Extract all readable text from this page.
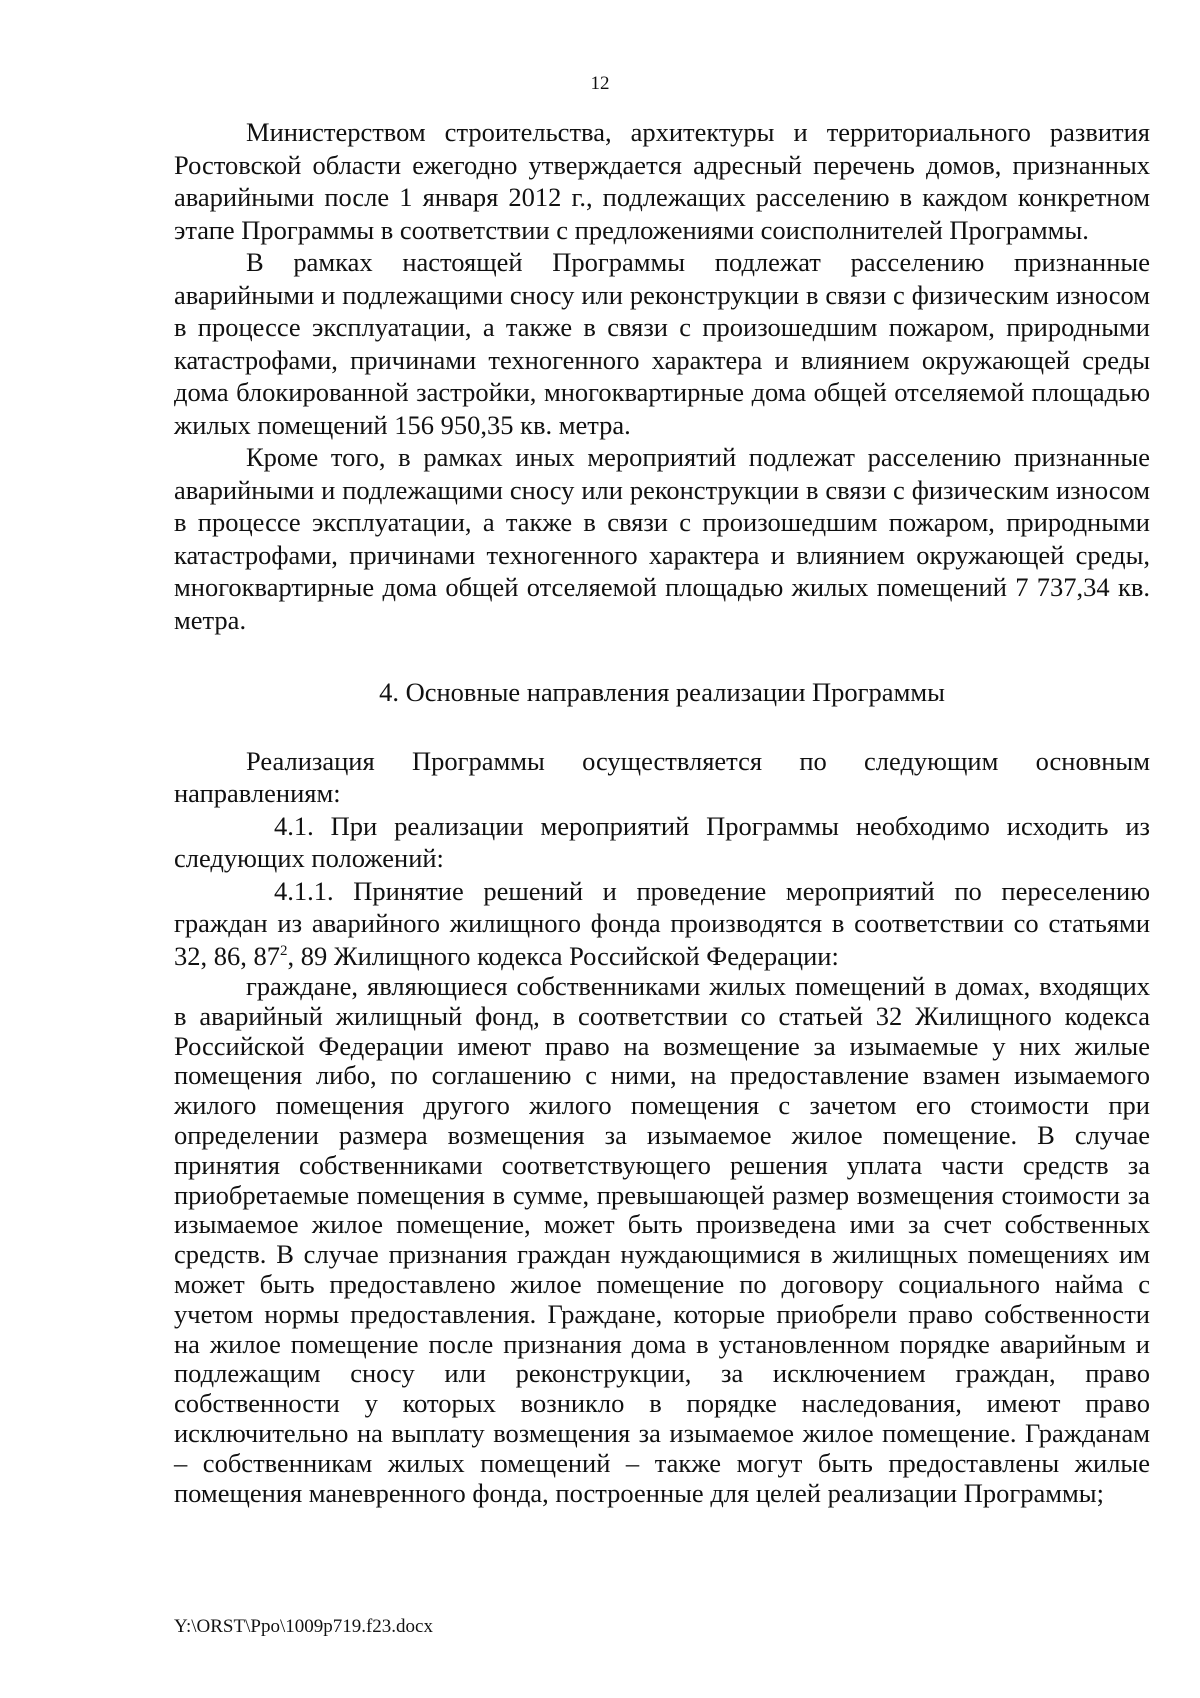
12

Министерством строительства, архитектуры и территориального развития Ростовской области ежегодно утверждается адресный перечень домов, признанных аварийными после 1 января 2012 г., подлежащих расселению в каждом конкретном этапе Программы в соответствии с предложениями соисполнителей Программы.

В рамках настоящей Программы подлежат расселению признанные аварийными и подлежащими сносу или реконструкции в связи с физическим износом в процессе эксплуатации, а также в связи с произошедшим пожаром, природными катастрофами, причинами техногенного характера и влиянием окружающей среды дома блокированной застройки, многоквартирные дома общей отселяемой площадью жилых помещений 156 950,35 кв. метра.

Кроме того, в рамках иных мероприятий подлежат расселению признанные аварийными и подлежащими сносу или реконструкции в связи с физическим износом в процессе эксплуатации, а также в связи с произошедшим пожаром, природными катастрофами, причинами техногенного характера и влиянием окружающей среды, многоквартирные дома общей отселяемой площадью жилых помещений 7 737,34 кв. метра.

4. Основные направления реализации Программы

Реализация Программы осуществляется по следующим основным направлениям:

4.1. При реализации мероприятий Программы необходимо исходить из следующих положений:

4.1.1. Принятие решений и проведение мероприятий по переселению граждан из аварийного жилищного фонда производятся в соответствии со статьями 32, 86, $87^2$, 89 Жилищного кодекса Российской Федерации:

граждане, являющиеся собственниками жилых помещений в домах, входящих в аварийный жилищный фонд, в соответствии со статьей 32 Жилищного кодекса Российской Федерации имеют право на возмещение за изымаемые у них жилые помещения либо, по соглашению с ними, на предоставление взамен изымаемого жилого помещения другого жилого помещения с зачетом его стоимости при определении размера возмещения за изымаемое жилое помещение. В случае принятия собственниками соответствующего решения уплата части средств за приобретаемые помещения в сумме, превышающей размер возмещения стоимости за изымаемое жилое помещение, может быть произведена ими за счет собственных средств. В случае признания граждан нуждающимися в жилищных помещениях им может быть предоставлено жилое помещение по договору социального найма с учетом нормы предоставления. Граждане, которые приобрели право собственности на жилое помещение после признания дома в установленном порядке аварийным и подлежащим сносу или реконструкции, за исключением граждан, право собственности у которых возникло в порядке наследования, имеют право исключительно на выплату возмещения за изымаемое жилое помещение. Гражданам – собственникам жилых помещений – также могут быть предоставлены жилые помещения маневренного фонда, построенные для целей реализации Программы;

Y:\ORST\Ppo\1009p719.f23.docx
